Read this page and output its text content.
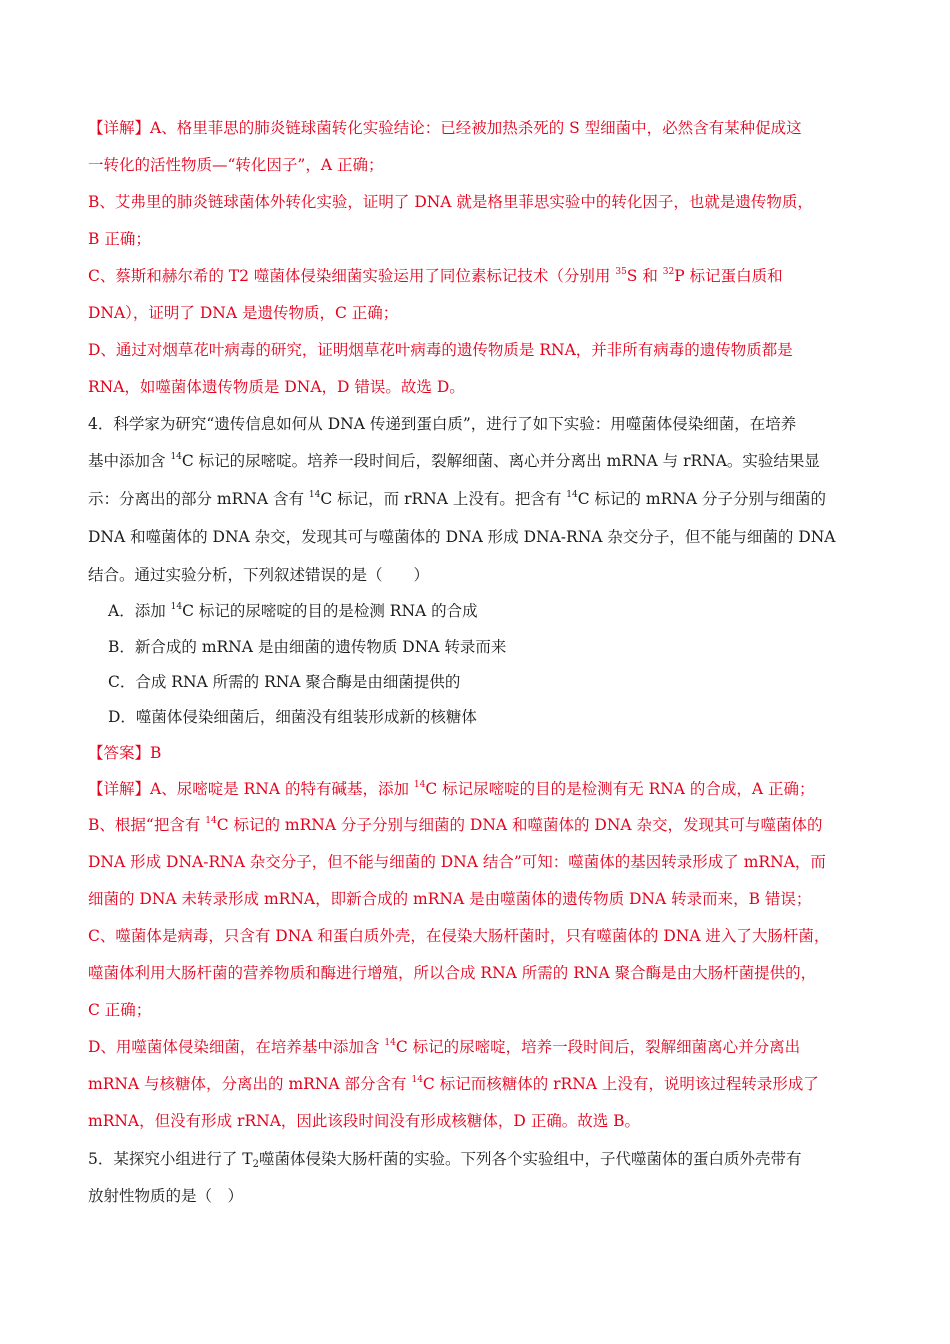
【详解】A、格里菲思的肺炎链球菌转化实验结论：已经被加热杀死的 S 型细菌中，必然含有某种促成这
一转化的活性物质—“转化因子”，A 正确；
B、艾弗里的肺炎链球菌体外转化实验，证明了 DNA 就是格里菲思实验中的转化因子，也就是遗传物质，
B 正确；
C、蔡斯和赫尔希的 T2 噬菌体侵染细菌实验运用了同位素标记技术（分别用 $^{35}$S 和 $^{32}$P 标记蛋白质和
DNA），证明了 DNA 是遗传物质，C 正确；
D、通过对烟草花叶病毒的研究，证明烟草花叶病毒的遗传物质是 RNA，并非所有病毒的遗传物质都是
RNA，如噬菌体遗传物质是 DNA，D 错误。故选 D。
4．科学家为研究“遗传信息如何从 DNA 传递到蛋白质”，进行了如下实验：用噬菌体侵染细菌，在培养
基中添加含 $^{14}$C 标记的尿嘧啶。培养一段时间后，裂解细菌、离心并分离出 mRNA 与 rRNA。实验结果显
示：分离出的部分 mRNA 含有 $^{14}$C 标记，而 rRNA 上没有。把含有 $^{14}$C 标记的 mRNA 分子分别与细菌的
DNA 和噬菌体的 DNA 杂交，发现其可与噬菌体的 DNA 形成 DNA-RNA 杂交分子，但不能与细菌的 DNA
结合。通过实验分析，下列叙述错误的是（　　）
A．添加 $^{14}$C 标记的尿嘧啶的目的是检测 RNA 的合成
B．新合成的 mRNA 是由细菌的遗传物质 DNA 转录而来
C．合成 RNA 所需的 RNA 聚合酶是由细菌提供的
D．噬菌体侵染细菌后，细菌没有组装形成新的核糖体
【答案】B
【详解】A、尿嘧啶是 RNA 的特有碱基，添加 $^{14}$C 标记尿嘧啶的目的是检测有无 RNA 的合成，A 正确；
B、根据“把含有 $^{14}$C 标记的 mRNA 分子分别与细菌的 DNA 和噬菌体的 DNA 杂交，发现其可与噬菌体的
DNA 形成 DNA-RNA 杂交分子，但不能与细菌的 DNA 结合”可知：噬菌体的基因转录形成了 mRNA，而
细菌的 DNA 未转录形成 mRNA，即新合成的 mRNA 是由噬菌体的遗传物质 DNA 转录而来，B 错误；
C、噬菌体是病毒，只含有 DNA 和蛋白质外壳，在侵染大肠杆菌时，只有噬菌体的 DNA 进入了大肠杆菌，
噬菌体利用大肠杆菌的营养物质和酶进行增殖，所以合成 RNA 所需的 RNA 聚合酶是由大肠杆菌提供的，
C 正确；
D、用噬菌体侵染细菌，在培养基中添加含 $^{14}$C 标记的尿嘧啶，培养一段时间后，裂解细菌离心并分离出
mRNA 与核糖体，分离出的 mRNA 部分含有 $^{14}$C 标记而核糖体的 rRNA 上没有，说明该过程转录形成了
mRNA，但没有形成 rRNA，因此该段时间没有形成核糖体，D 正确。故选 B。
5．某探究小组进行了 $T_2$噬菌体侵染大肠杆菌的实验。下列各个实验组中，子代噬菌体的蛋白质外壳带有
放射性物质的是（　）
